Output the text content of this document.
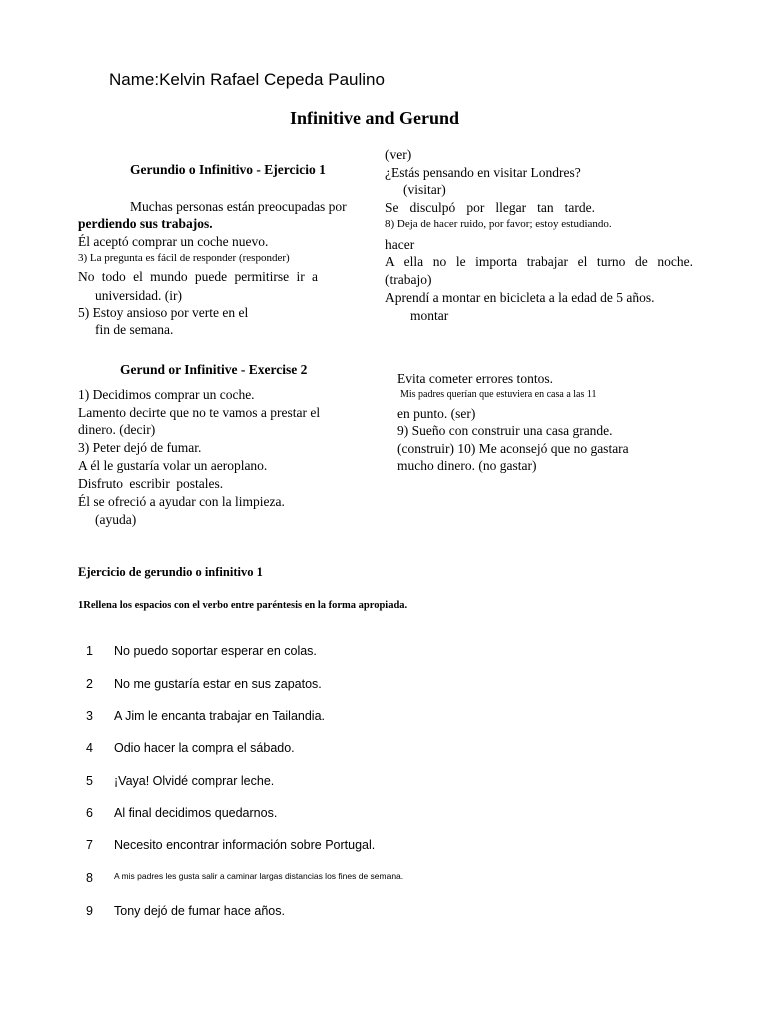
Name:Kelvin Rafael Cepeda Paulino
Infinitive and Gerund
Gerundio o Infinitivo - Ejercicio 1
Muchas personas están preocupadas por
perdiendo sus trabajos.
Él aceptó comprar un coche nuevo.
3) La pregunta es fácil de responder (responder)
No todo el mundo puede permitirse ir a
universidad. (ir)
5) Estoy ansioso por verte en el
fin de semana.
(ver)
¿Estás pensando en visitar Londres?
(visitar)
Se disculpó por llegar tan tarde.
8) Deja de hacer ruido, por favor; estoy estudiando.
hacer
A ella no le importa trabajar el turno de noche.
(trabajo)
Aprendí a montar en bicicleta a la edad de 5 años.
montar
Gerund or Infinitive - Exercise 2
1) Decidimos comprar un coche.
Lamento decirte que no te vamos a prestar el
dinero. (decir)
3) Peter dejó de fumar.
A él le gustaría volar un aeroplano.
Disfruto escribir postales.
Él se ofreció a ayudar con la limpieza.
(ayuda)
Evita cometer errores tontos.
Mis padres querían que estuviera en casa a las 11
en punto. (ser)
9) Sueño con construir una casa grande.
(construir) 10) Me aconsejó que no gastara
mucho dinero. (no gastar)
Ejercicio de gerundio o infinitivo 1
1Rellena los espacios con el verbo entre paréntesis en la forma apropiada.
1 No puedo soportar esperar en colas.
2 No me gustaría estar en sus zapatos.
3 A Jim le encanta trabajar en Tailandia.
4 Odio hacer la compra el sábado.
5 ¡Vaya! Olvidé comprar leche.
6 Al final decidimos quedarnos.
7 Necesito encontrar información sobre Portugal.
8 A mis padres les gusta salir a caminar largas distancias los fines de semana.
9 Tony dejó de fumar hace años.
